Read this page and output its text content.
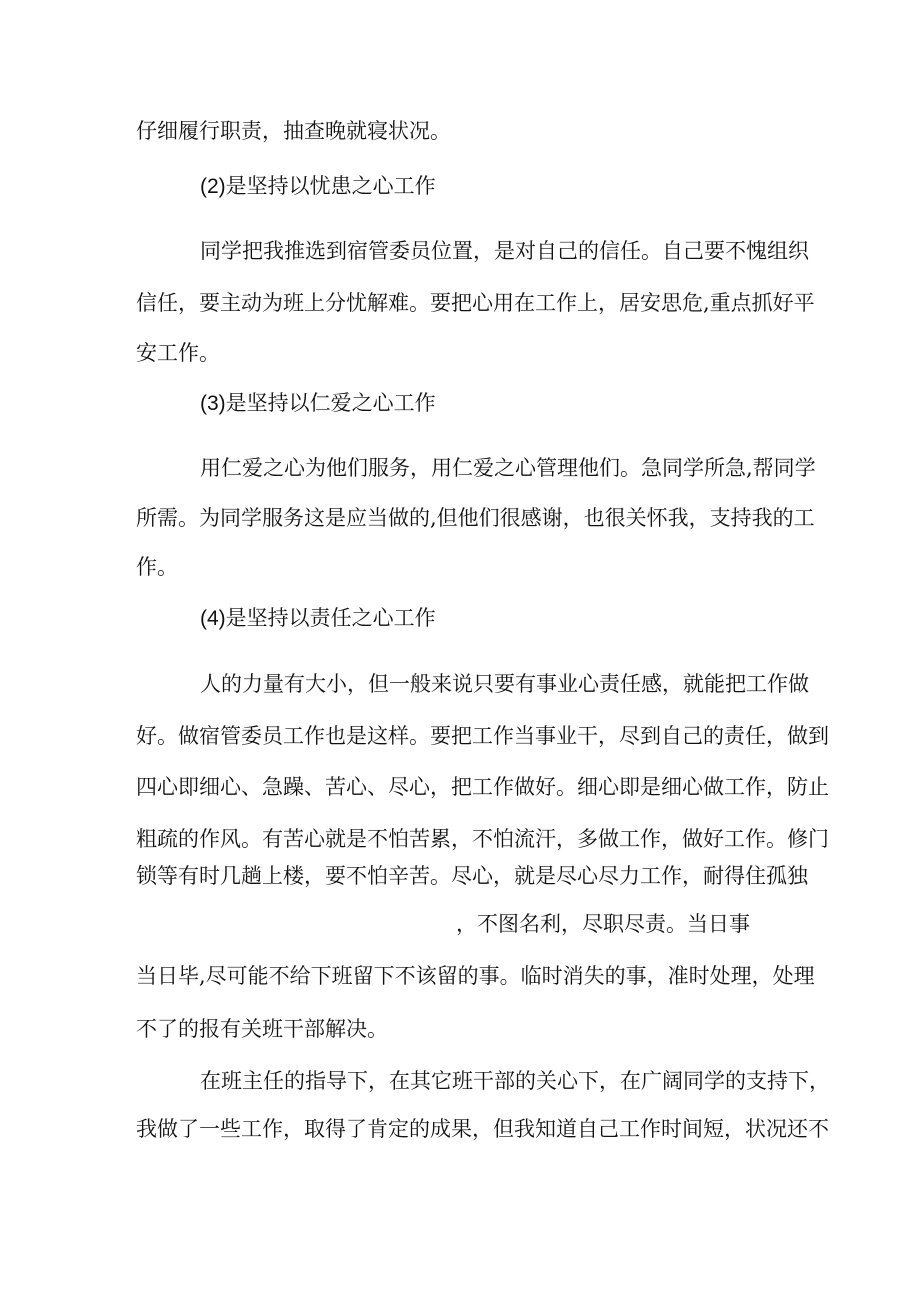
仔细履行职责，抽查晚就寝状况。
(2)是坚持以忧患之心工作
同学把我推选到宿管委员位置，是对自己的信任。自己要不愧组织
信任，要主动为班上分忧解难。要把心用在工作上，居安思危,重点抓好平
安工作。
(3)是坚持以仁爱之心工作
用仁爱之心为他们服务，用仁爱之心管理他们。急同学所急,帮同学
所需。为同学服务这是应当做的,但他们很感谢，也很关怀我，支持我的工
作。
(4)是坚持以责任之心工作
人的力量有大小，但一般来说只要有事业心责任感，就能把工作做
好。做宿管委员工作也是这样。要把工作当事业干，尽到自己的责任，做到
四心即细心、急躁、苦心、尽心，把工作做好。细心即是细心做工作，防止
粗疏的作风。有苦心就是不怕苦累，不怕流汗，多做工作，做好工作。修门
锁等有时几趟上楼，要不怕辛苦。尽心，就是尽心尽力工作，耐得住孤独
，不图名利，尽职尽责。当日事
当日毕,尽可能不给下班留下不该留的事。临时消失的事，准时处理，处理
不了的报有关班干部解决。
在班主任的指导下，在其它班干部的关心下，在广阔同学的支持下，
我做了一些工作，取得了肯定的成果，但我知道自己工作时间短，状况还不
